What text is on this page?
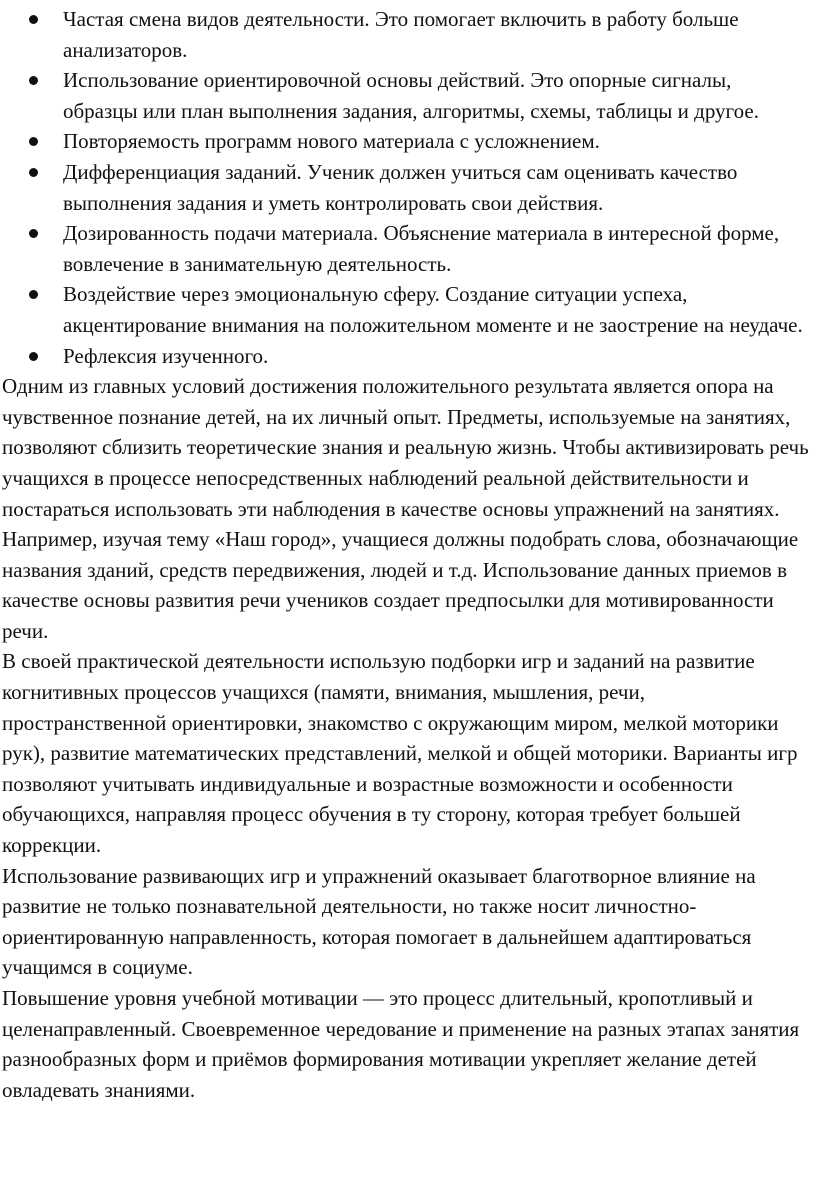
Частая смена видов деятельности. Это помогает включить в работу больше анализаторов.
Использование ориентировочной основы действий. Это опорные сигналы, образцы или план выполнения задания, алгоритмы, схемы, таблицы и другое.
Повторяемость программ нового материала с усложнением.
Дифференциация заданий. Ученик должен учиться сам оценивать качество выполнения задания и уметь контролировать свои действия.
Дозированность подачи материала. Объяснение материала в интересной форме, вовлечение в занимательную деятельность.
Воздействие через эмоциональную сферу. Создание ситуации успеха, акцентирование внимания на положительном моменте и не заострение на неудаче.
Рефлексия изученного.

Одним из главных условий достижения положительного результата является опора на чувственное познание детей, на их личный опыт. Предметы, используемые на занятиях, позволяют сблизить теоретические знания и реальную жизнь. Чтобы активизировать речь учащихся в процессе непосредственных наблюдений реальной действительности и постараться использовать эти наблюдения в качестве основы упражнений на занятиях. Например, изучая тему «Наш город», учащиеся должны подобрать слова, обозначающие названия зданий, средств передвижения, людей и т.д. Использование данных приемов в качестве основы развития речи учеников создает предпосылки для мотивированности речи.

В своей практической деятельности использую подборки игр и заданий на развитие когнитивных процессов учащихся (памяти, внимания, мышления, речи, пространственной ориентировки, знакомство с окружающим миром, мелкой моторики рук), развитие математических представлений, мелкой и общей моторики. Варианты игр позволяют учитывать индивидуальные и возрастные возможности и особенности обучающихся, направляя процесс обучения в ту сторону, которая требует большей коррекции.

Использование развивающих игр и упражнений оказывает благотворное влияние на развитие не только познавательной деятельности, но также носит личностно-ориентированную направленность, которая помогает в дальнейшем адаптироваться учащимся в социуме.

Повышение уровня учебной мотивации — это процесс длительный, кропотливый и целенаправленный. Своевременное чередование и применение на разных этапах занятия разнообразных форм и приёмов формирования мотивации укрепляет желание детей овладевать знаниями.
